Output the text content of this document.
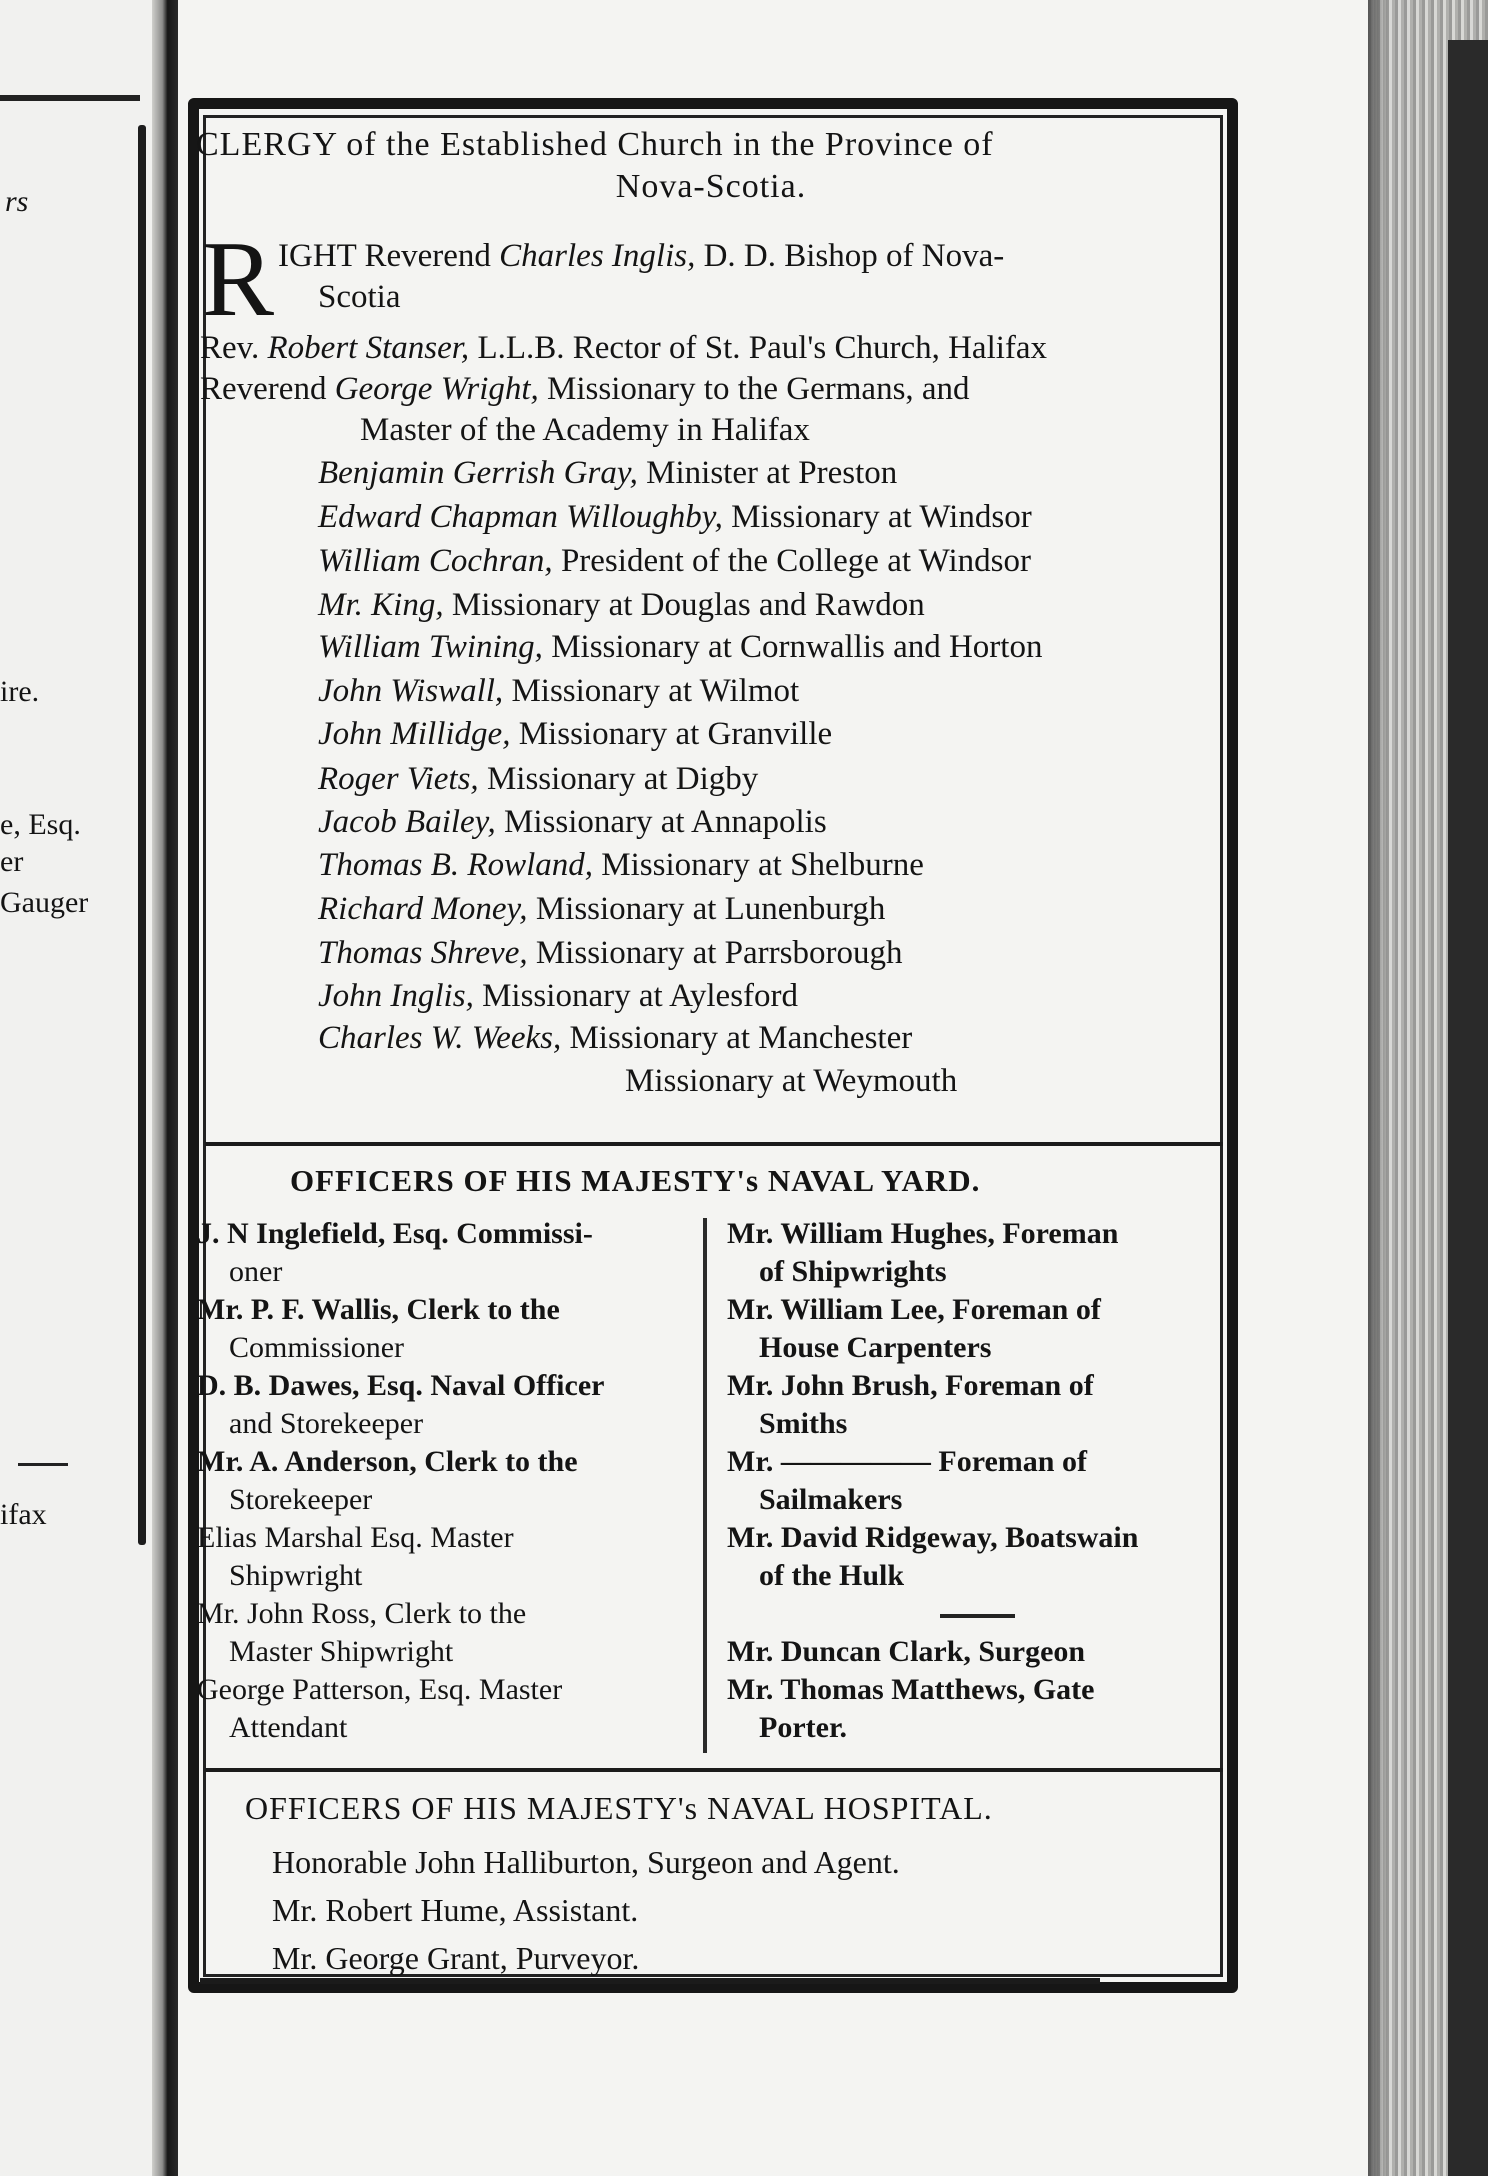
rs
ire.
e, Esq.
er
Gauger
ifax
CLERGY of the Established Church in the Province of
Nova-Scotia.
R IGHT Reverend Charles Inglis, D. D. Bishop of Nova-
Scotia
Rev. Robert Stanser, L.L.B. Rector of St. Paul's Church, Halifax
Reverend George Wright, Missionary to the Germans, and
Master of the Academy in Halifax
Benjamin Gerrish Gray, Minister at Preston
Edward Chapman Willoughby, Missionary at Windsor
William Cochran, President of the College at Windsor
Mr. King, Missionary at Douglas and Rawdon
William Twining, Missionary at Cornwallis and Horton
John Wiswall, Missionary at Wilmot
John Millidge, Missionary at Granville
Roger Viets, Missionary at Digby
Jacob Bailey, Missionary at Annapolis
Thomas B. Rowland, Missionary at Shelburne
Richard Money, Missionary at Lunenburgh
Thomas Shreve, Missionary at Parrsborough
John Inglis, Missionary at Aylesford
Charles W. Weeks, Missionary at Manchester
Missionary at Weymouth
OFFICERS OF HIS MAJESTY's NAVAL YARD.
J. N Inglefield, Esq. Commissi-
oner
Mr. P. F. Wallis, Clerk to the
Commissioner
D. B. Dawes, Esq. Naval Officer
and Storekeeper
Mr. A. Anderson, Clerk to the
Storekeeper
Elias Marshal Esq. Master
Shipwright
Mr. John Ross, Clerk to the
Master Shipwright
George Patterson, Esq. Master
Attendant
Mr. William Hughes, Foreman
of Shipwrights
Mr. William Lee, Foreman of
House Carpenters
Mr. John Brush, Foreman of
Smiths
Mr. ————— Foreman of
Sailmakers
Mr. David Ridgeway, Boatswain
of the Hulk
Mr. Duncan Clark, Surgeon
Mr. Thomas Matthews, Gate
Porter.
OFFICERS OF HIS MAJESTY's NAVAL HOSPITAL.
Honorable John Halliburton, Surgeon and Agent.
Mr. Robert Hume, Assistant.
Mr. George Grant, Purveyor.
